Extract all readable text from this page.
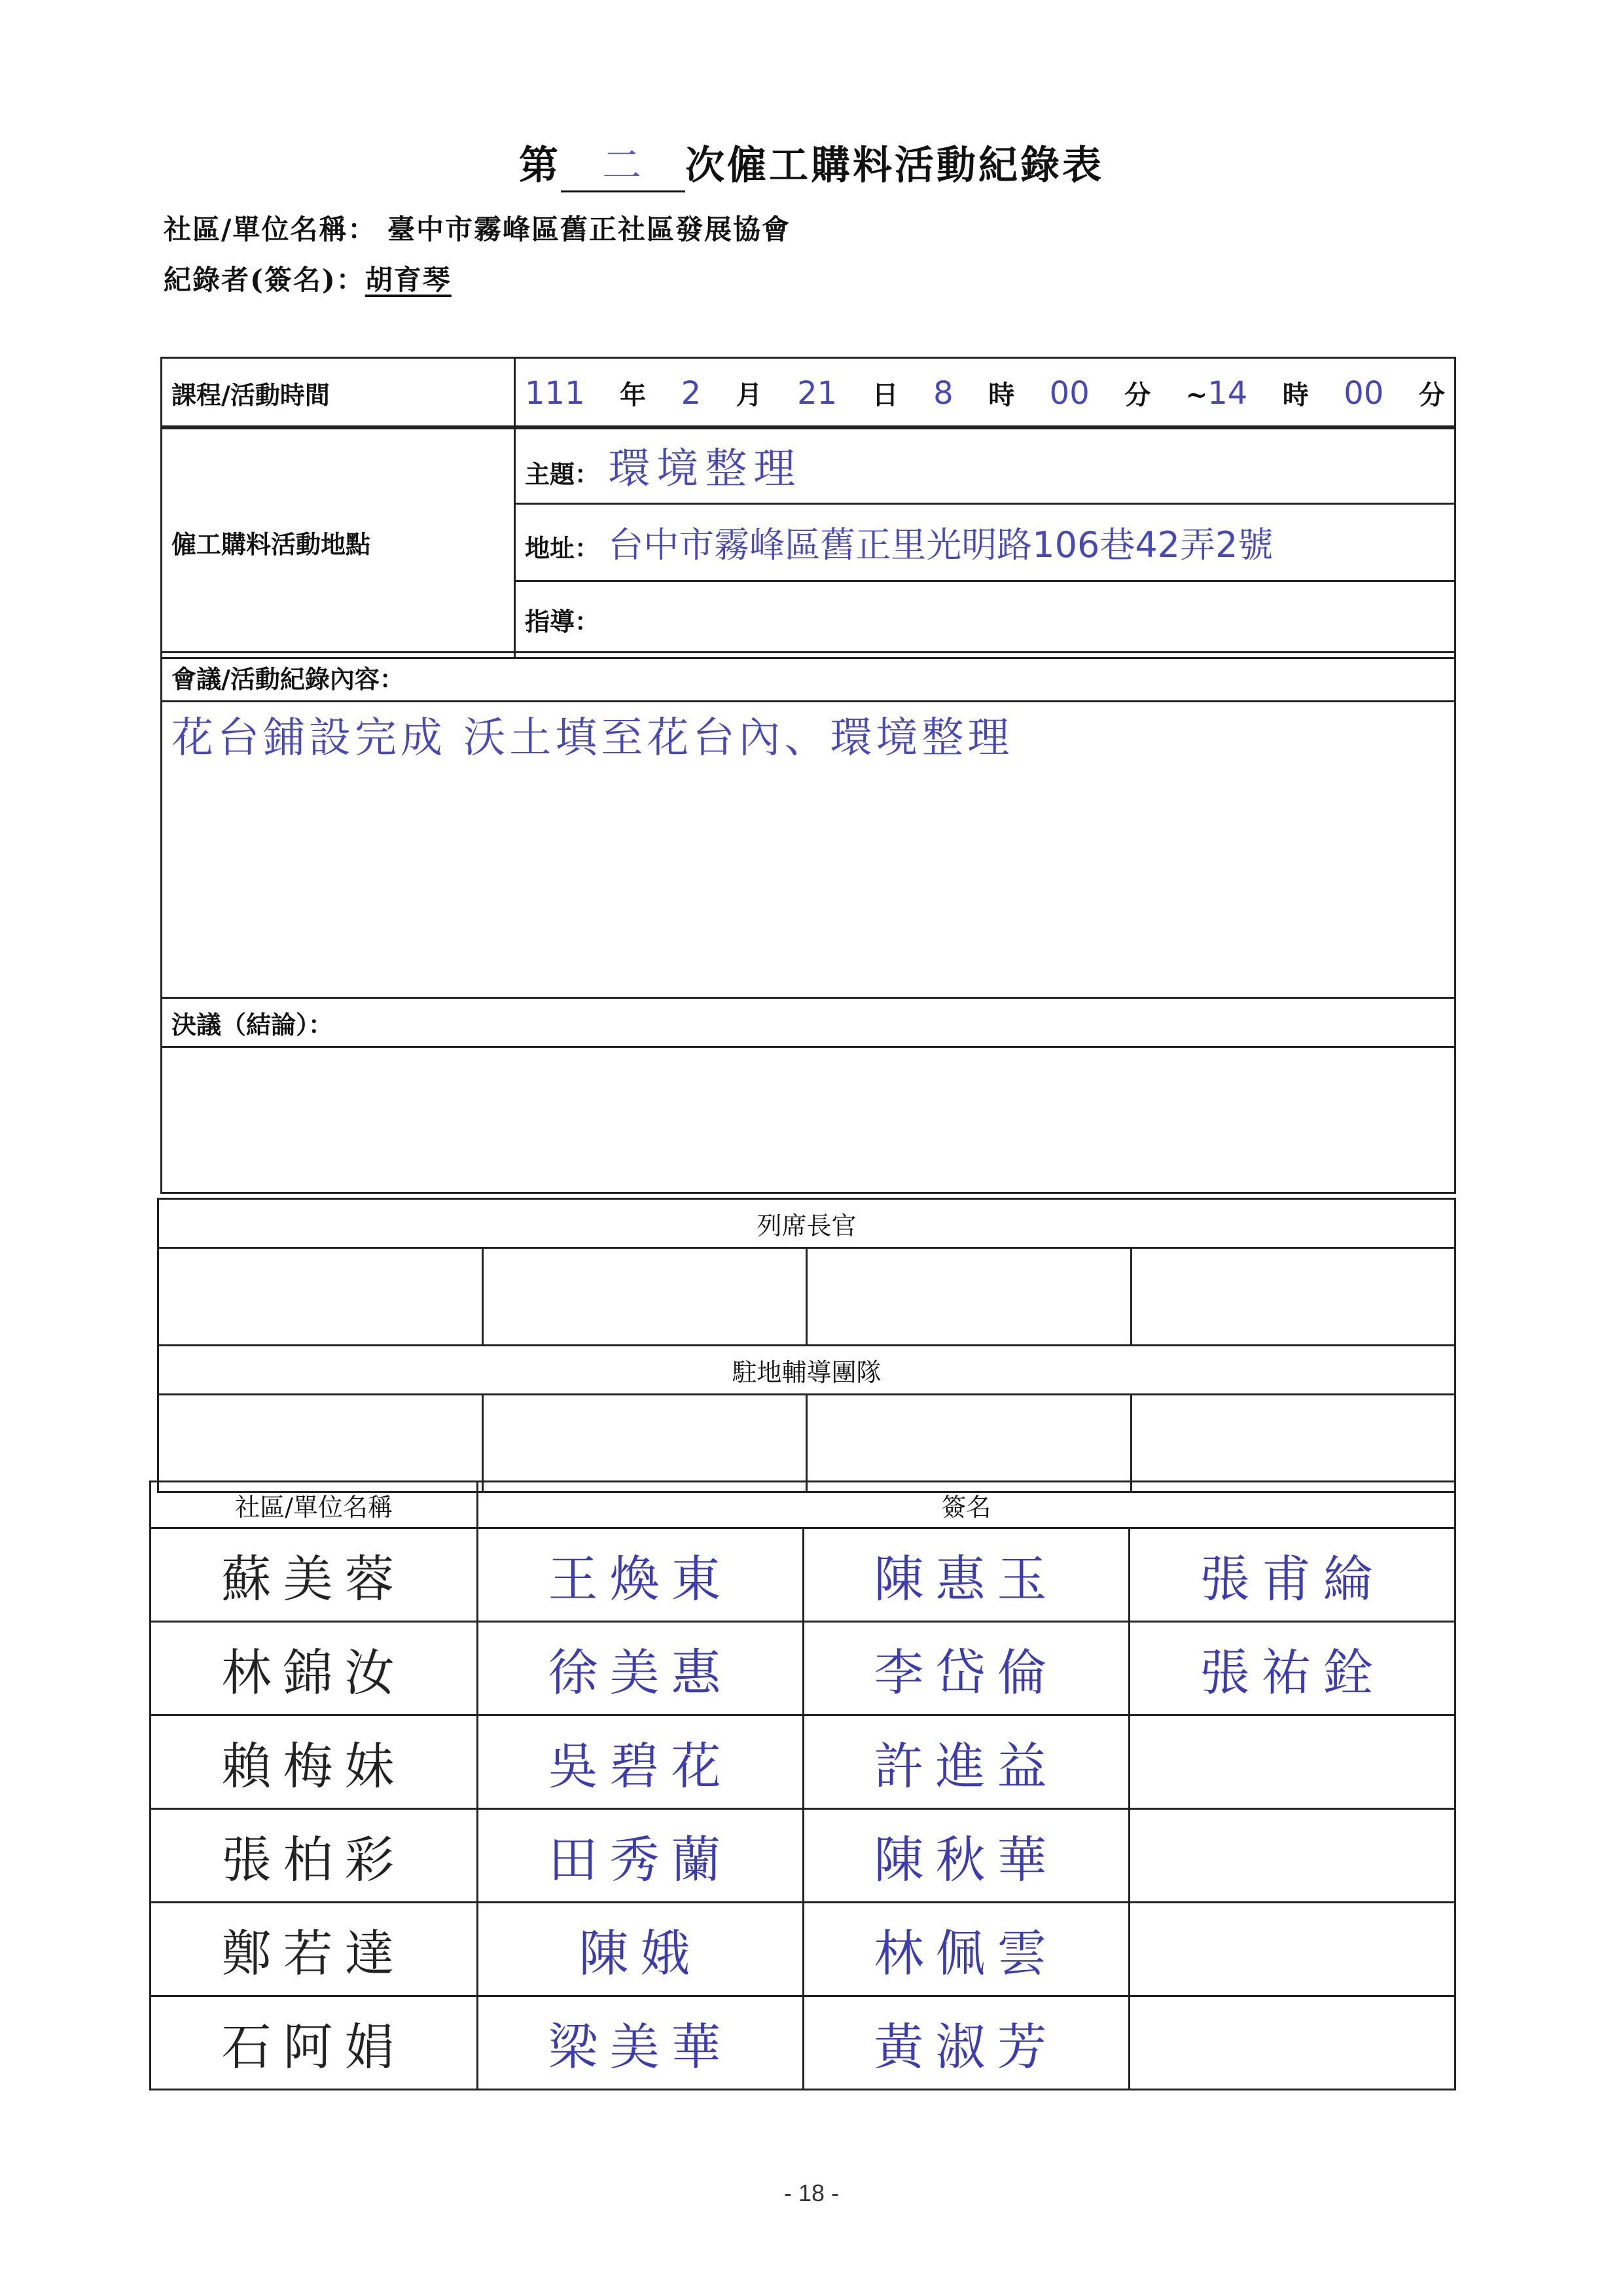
第 二 次僱工購料活動紀錄表
社區/單位名稱： 臺中市霧峰區舊正社區發展協會
紀錄者(簽名)：胡育琴
課程/活動時間	111 年 2 月 21 日 8 時 00 分 ~14 時 00 分
僱工購料活動地點	主題： 環境整理
地址： 台中市霧峰區舊正里光明路106巷42弄2號
指導：
會議/活動紀錄內容：
花台鋪設完成 沃土填至花台內、環境整理
決議（結論）：

列席長官			

駐地輔導團隊			

社區/單位名稱	簽名		
蘇美蓉	王煥東	陳惠玉	張甫綸
林錦汝	徐美惠	李岱倫	張祐銓
賴梅妹	吳碧花	許進益	
張柏彩	田秀蘭	陳秋華	
鄭若達	陳娥	林佩雲	
石阿娟	梁美華	黃淑芳	
- 18 -
